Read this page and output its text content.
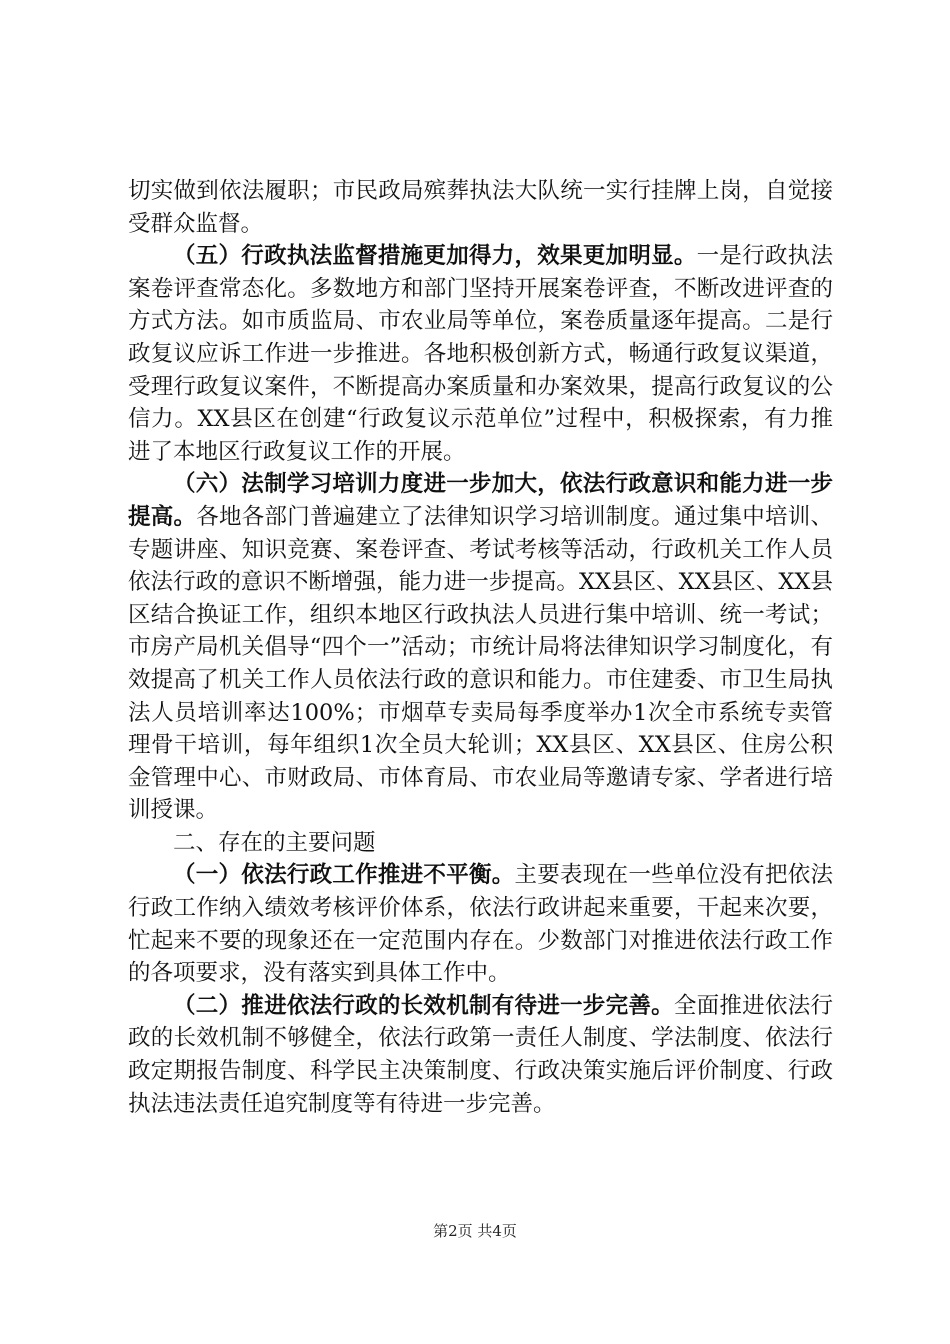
切实做到依法履职；市民政局殡葬执法大队统一实行挂牌上岗，自觉接受群众监督。

（五）行政执法监督措施更加得力，效果更加明显。一是行政执法案卷评查常态化。多数地方和部门坚持开展案卷评查，不断改进评查的方式方法。如市质监局、市农业局等单位，案卷质量逐年提高。二是行政复议应诉工作进一步推进。各地积极创新方式，畅通行政复议渠道，受理行政复议案件，不断提高办案质量和办案效果，提高行政复议的公信力。XX县区在创建“行政复议示范单位”过程中，积极探索，有力推进了本地区行政复议工作的开展。

（六）法制学习培训力度进一步加大，依法行政意识和能力进一步提高。各地各部门普遍建立了法律知识学习培训制度。通过集中培训、专题讲座、知识竞赛、案卷评查、考试考核等活动，行政机关工作人员依法行政的意识不断增强，能力进一步提高。XX县区、XX县区、XX县区结合换证工作，组织本地区行政执法人员进行集中培训、统一考试；市房产局机关倡导“四个一”活动；市统计局将法律知识学习制度化，有效提高了机关工作人员依法行政的意识和能力。市住建委、市卫生局执法人员培训率达100%；市烟草专卖局每季度举办1次全市系统专卖管理骨干培训，每年组织1次全员大轮训；XX县区、XX县区、住房公积金管理中心、市财政局、市体育局、市农业局等邀请专家、学者进行培训授课。

二、存在的主要问题

（一）依法行政工作推进不平衡。主要表现在一些单位没有把依法行政工作纳入绩效考核评价体系，依法行政讲起来重要，干起来次要，忙起来不要的现象还在一定范围内存在。少数部门对推进依法行政工作的各项要求，没有落实到具体工作中。

（二）推进依法行政的长效机制有待进一步完善。全面推进依法行政的长效机制不够健全，依法行政第一责任人制度、学法制度、依法行政定期报告制度、科学民主决策制度、行政决策实施后评价制度、行政执法违法责任追究制度等有待进一步完善。

第2页 共4页
